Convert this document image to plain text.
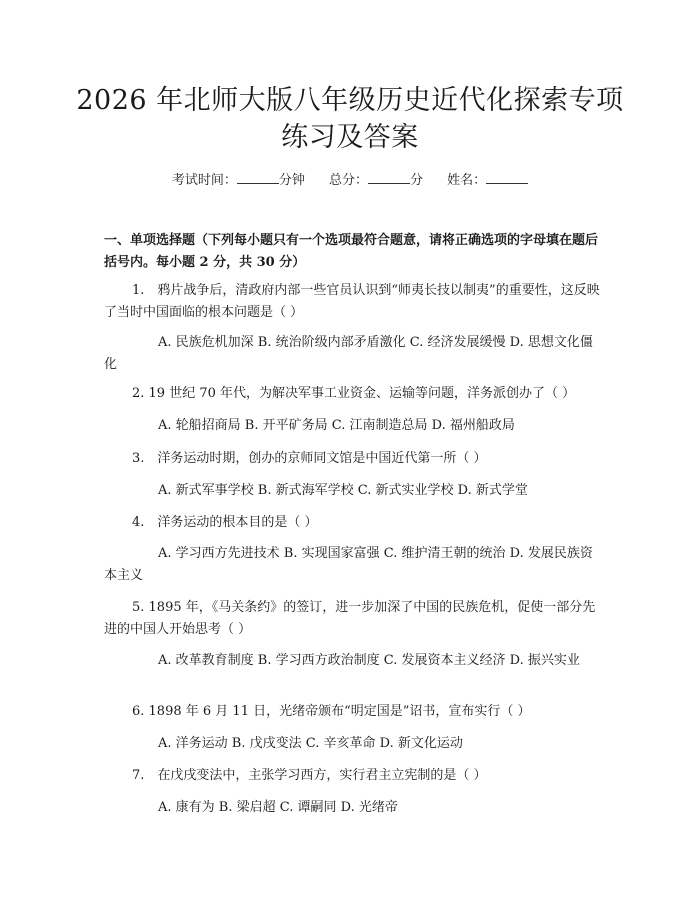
2026 年北师大版八年级历史近代化探索专项
练习及答案
考试时间：	分钟 总分：	分 姓名：
一、单项选择题（下列每小题只有一个选项最符合题意，请将正确选项的字母填在题后括号内。每小题 2 分，共 30 分）
1.　鸦片战争后，清政府内部一些官员认识到“师夷长技以制夷”的重要性，这反映了当时中国面临的根本问题是（ ）
A. 民族危机加深 B. 统治阶级内部矛盾激化 C. 经济发展缓慢 D. 思想文化僵化
2. 19 世纪 70 年代，为解决军事工业资金、运输等问题，洋务派创办了（ ）
A. 轮船招商局 B. 开平矿务局 C. 江南制造总局 D. 福州船政局
3.　洋务运动时期，创办的京师同文馆是中国近代第一所（ ）
A. 新式军事学校 B. 新式海军学校 C. 新式实业学校 D. 新式学堂
4.　洋务运动的根本目的是（ ）
A. 学习西方先进技术 B. 实现国家富强 C. 维护清王朝的统治 D. 发展民族资本主义
5. 1895 年，《马关条约》的签订，进一步加深了中国的民族危机，促使一部分先进的中国人开始思考（ ）
A. 改革教育制度 B. 学习西方政治制度 C. 发展资本主义经济 D. 振兴实业
6. 1898 年 6 月 11 日，光绪帝颁布“明定国是”诏书，宣布实行（ ）
A. 洋务运动 B. 戊戌变法 C. 辛亥革命 D. 新文化运动
7.　在戊戌变法中，主张学习西方，实行君主立宪制的是（ ）
A. 康有为 B. 梁启超 C. 谭嗣同 D. 光绪帝
